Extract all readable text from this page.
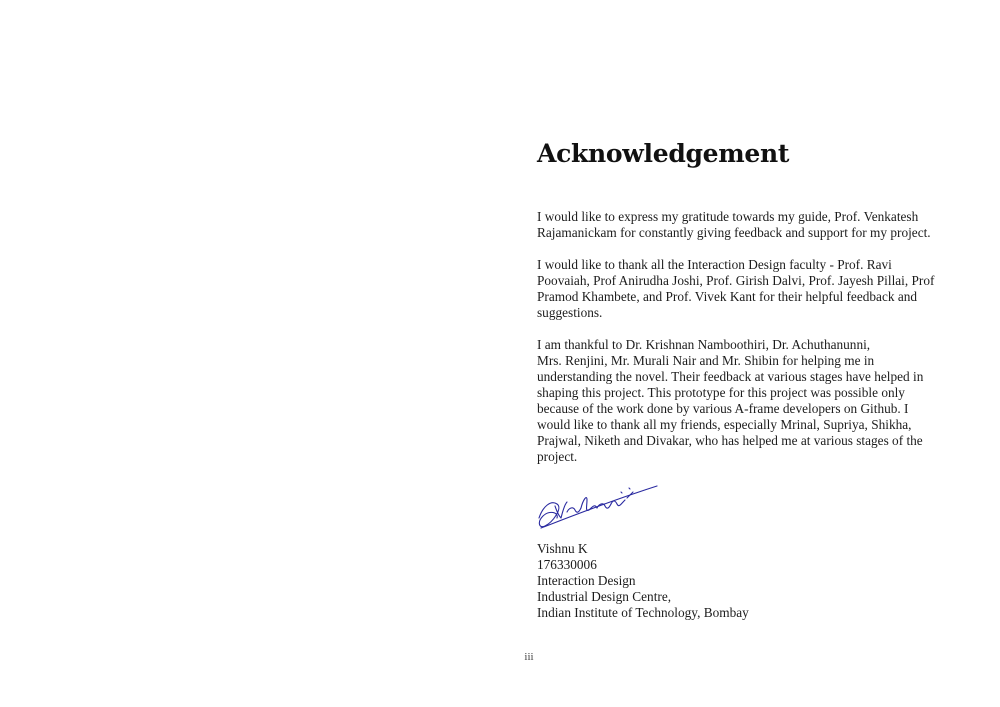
Acknowledgement

I would like to express my gratitude towards my guide, Prof. Venkatesh
Rajamanickam for constantly giving feedback and support for my project.

I would like to thank all the Interaction Design faculty - Prof. Ravi
Poovaiah, Prof Anirudha Joshi, Prof. Girish Dalvi, Prof. Jayesh Pillai, Prof
Pramod Khambete, and Prof. Vivek Kant for their helpful feedback and
suggestions.

I am thankful to Dr. Krishnan Namboothiri, Dr. Achuthanunni,
Mrs. Renjini, Mr. Murali Nair and Mr. Shibin for helping me in
understanding the novel. Their feedback at various stages have helped in
shaping this project. This prototype for this project was possible only
because of the work done by various A-frame developers on Github. I
would like to thank all my friends, especially Mrinal, Supriya, Shikha,
Prajwal, Niketh and Divakar, who has helped me at various stages of the
project.

Vishnu K
176330006
Interaction Design
Industrial Design Centre,
Indian Institute of Technology, Bombay
iii
